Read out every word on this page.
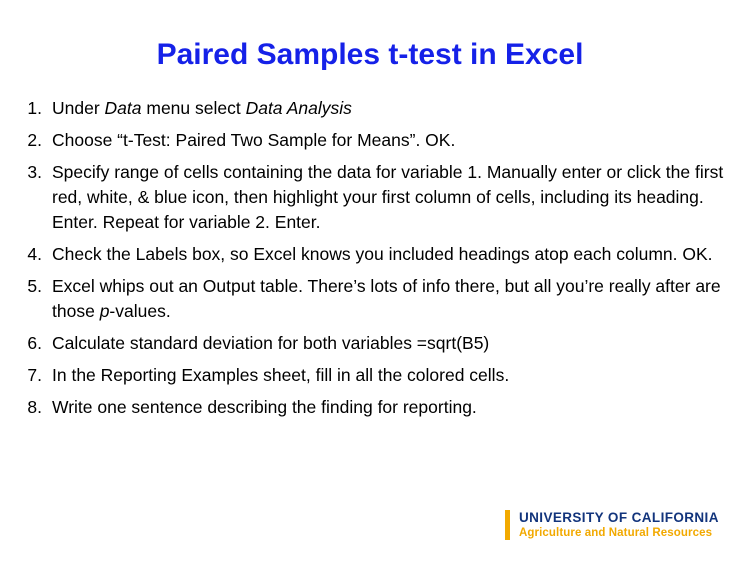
Paired Samples t-test in Excel
1. Under Data menu select Data Analysis
2. Choose “t-Test: Paired Two Sample for Means”. OK.
3. Specify range of cells containing the data for variable 1. Manually enter or click the first red, white, & blue icon, then highlight your first column of cells, including its heading. Enter. Repeat for variable 2. Enter.
4. Check the Labels box, so Excel knows you included headings atop each column. OK.
5. Excel whips out an Output table. There’s lots of info there, but all you’re really after are those p-values.
6. Calculate standard deviation for both variables =sqrt(B5)
7. In the Reporting Examples sheet, fill in all the colored cells.
8. Write one sentence describing the finding for reporting.
UNIVERSITY OF CALIFORNIA
Agriculture and Natural Resources
